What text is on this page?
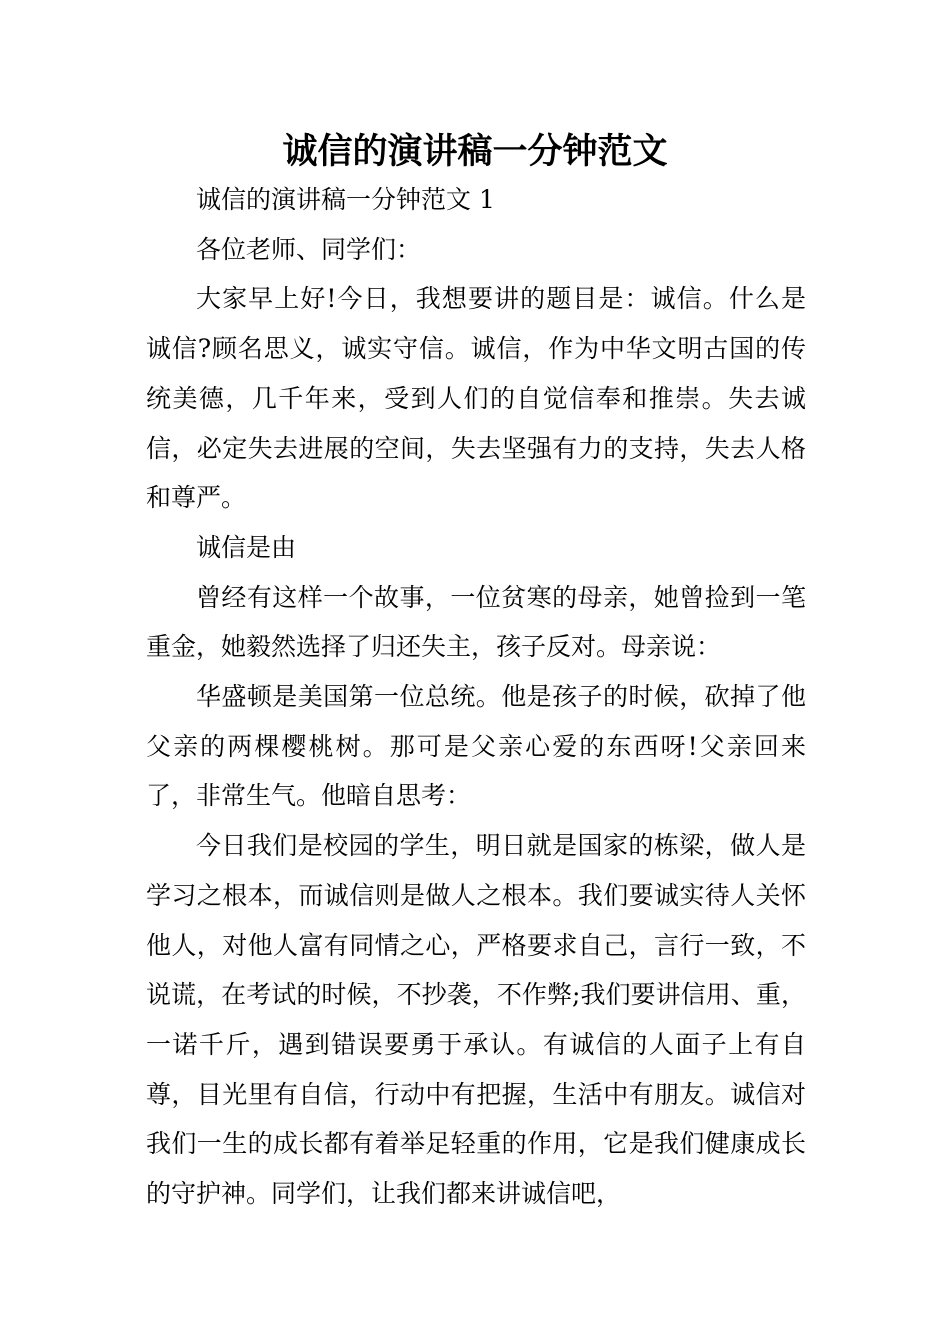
诚信的演讲稿一分钟范文

诚信的演讲稿一分钟范文 1

各位老师、同学们：

大家早上好!今日，我想要讲的题目是：诚信。什么是诚信?顾名思义，诚实守信。诚信，作为中华文明古国的传统美德，几千年来，受到人们的自觉信奉和推崇。失去诚信，必定失去进展的空间，失去坚强有力的支持，失去人格和尊严。

诚信是由

曾经有这样一个故事，一位贫寒的母亲，她曾捡到一笔重金，她毅然选择了归还失主，孩子反对。母亲说：

华盛顿是美国第一位总统。他是孩子的时候，砍掉了他父亲的两棵樱桃树。那可是父亲心爱的东西呀!父亲回来了，非常生气。他暗自思考：

今日我们是校园的学生，明日就是国家的栋梁，做人是学习之根本，而诚信则是做人之根本。我们要诚实待人关怀他人，对他人富有同情之心，严格要求自己，言行一致，不说谎，在考试的时候，不抄袭，不作弊;我们要讲信用、重，一诺千斤，遇到错误要勇于承认。有诚信的人面子上有自尊，目光里有自信，行动中有把握，生活中有朋友。诚信对我们一生的成长都有着举足轻重的作用，它是我们健康成长的守护神。同学们，让我们都来讲诚信吧，
